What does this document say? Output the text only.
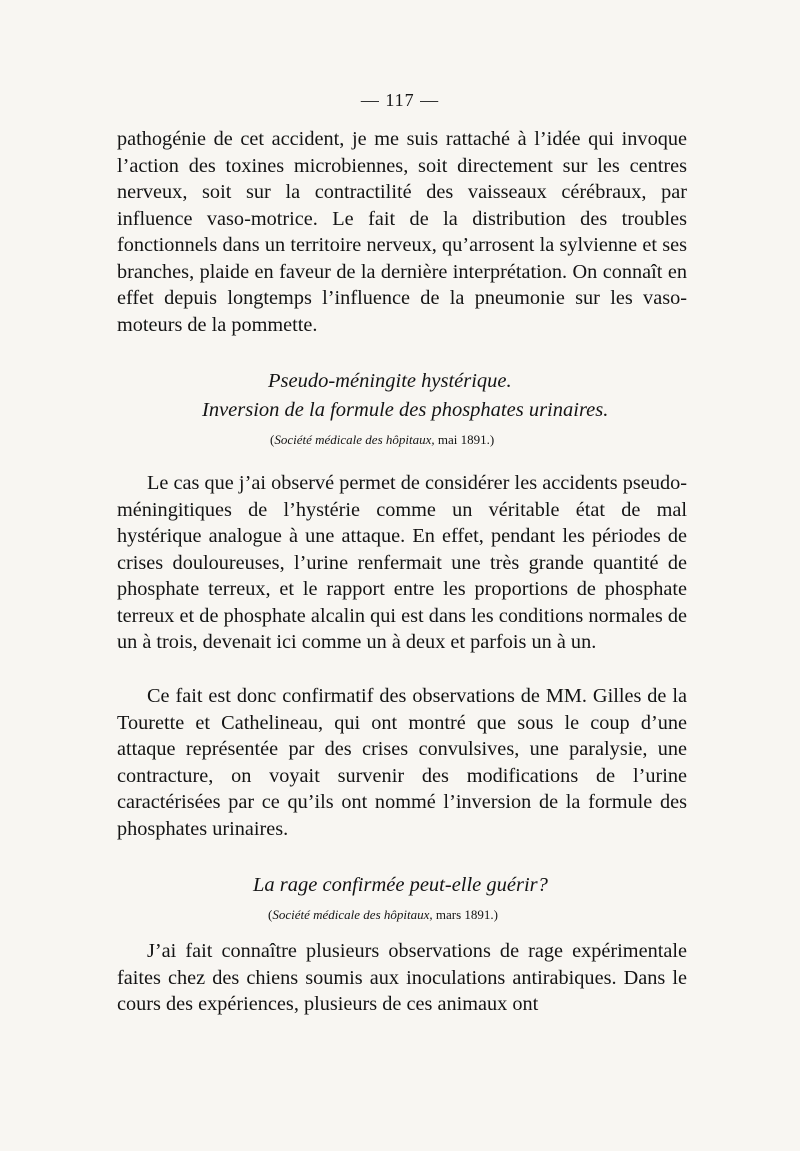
— 117 —

pathogénie de cet accident, je me suis rattaché à l’idée qui invoque l’action des toxines microbiennes, soit directement sur les centres nerveux, soit sur la contractilité des vaisseaux cérébraux, par influence vaso-motrice. Le fait de la distribution des troubles fonctionnels dans un territoire nerveux, qu’arrosent la sylvienne et ses branches, plaide en faveur de la dernière interprétation. On connaît en effet depuis longtemps l’influence de la pneumonie sur les vaso-moteurs de la pommette.

Pseudo-méningite hystérique.
Inversion de la formule des phosphates urinaires.
(Société médicale des hôpitaux, mai 1891.)

Le cas que j’ai observé permet de considérer les accidents pseudo-méningitiques de l’hystérie comme un véritable état de mal hystérique analogue à une attaque. En effet, pendant les périodes de crises douloureuses, l’urine renfermait une très grande quantité de phosphate terreux, et le rapport entre les proportions de phosphate terreux et de phosphate alcalin qui est dans les conditions normales de un à trois, devenait ici comme un à deux et parfois un à un.

Ce fait est donc confirmatif des observations de MM. Gilles de la Tourette et Cathelineau, qui ont montré que sous le coup d’une attaque représentée par des crises convulsives, une paralysie, une contracture, on voyait survenir des modifications de l’urine caractérisées par ce qu’ils ont nommé l’inversion de la formule des phosphates urinaires.

La rage confirmée peut-elle guérir?
(Société médicale des hôpitaux, mars 1891.)

J’ai fait connaître plusieurs observations de rage expérimentale faites chez des chiens soumis aux inoculations antirabiques. Dans le cours des expériences, plusieurs de ces animaux ont
